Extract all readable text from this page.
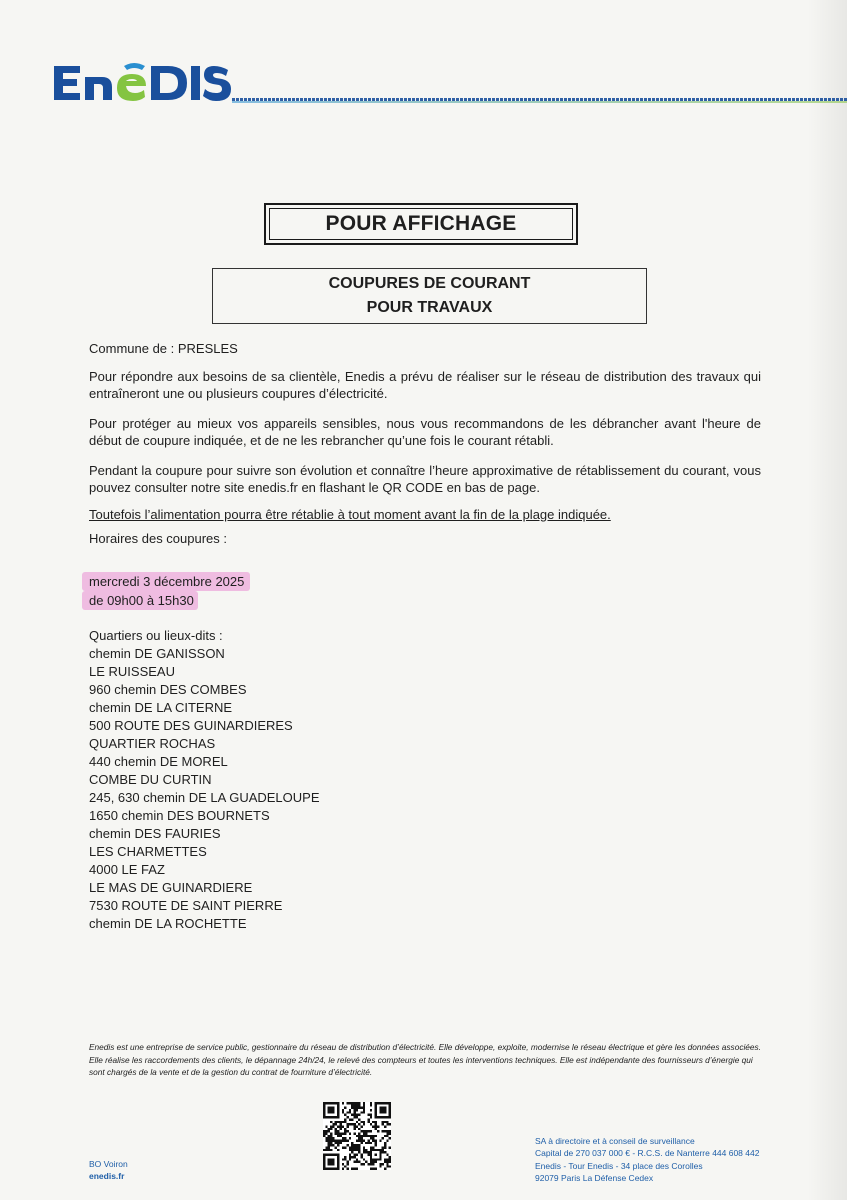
POUR AFFICHAGE
COUPURES DE COURANT
POUR TRAVAUX

Commune de : PRESLES

Pour répondre aux besoins de sa clientèle, Enedis a prévu de réaliser sur le réseau de distribution des travaux qui entraîneront une ou plusieurs coupures d’électricité.

Pour protéger au mieux vos appareils sensibles, nous vous recommandons de les débrancher avant l'heure de début de coupure indiquée, et de ne les rebrancher qu’une fois le courant rétabli.

Pendant la coupure pour suivre son évolution et connaître l’heure approximative de rétablissement du courant, vous pouvez consulter notre site enedis.fr en flashant le QR CODE en bas de page.

Toutefois l’alimentation pourra être rétablie à tout moment avant la fin de la plage indiquée.

Horaires des coupures :

mercredi 3 décembre 2025
de 09h00 à 15h30
Quartiers ou lieux-dits :
chemin DE GANISSON
LE RUISSEAU
960 chemin DES COMBES
chemin DE LA CITERNE
500 ROUTE DES GUINARDIERES
QUARTIER ROCHAS
440 chemin DE MOREL
COMBE DU CURTIN
245, 630 chemin DE LA GUADELOUPE
1650 chemin DES BOURNETS
chemin DES FAURIES
LES CHARMETTES
4000 LE FAZ
LE MAS DE GUINARDIERE
7530 ROUTE DE SAINT PIERRE
chemin DE LA ROCHETTE
Enedis est une entreprise de service public, gestionnaire du réseau de distribution d’électricité. Elle développe, exploite, modernise le réseau électrique et gère les données associées. Elle réalise les raccordements des clients, le dépannage 24h/24, le relevé des compteurs et toutes les interventions techniques. Elle est indépendante des fournisseurs d’énergie qui sont chargés de la vente et de la gestion du contrat de fourniture d’électricité.
BO Voiron
enedis.fr
SA à directoire et à conseil de surveillance
Capital de 270 037 000 € - R.C.S. de Nanterre 444 608 442
Enedis - Tour Enedis - 34 place des Corolles
92079 Paris La Défense Cedex
